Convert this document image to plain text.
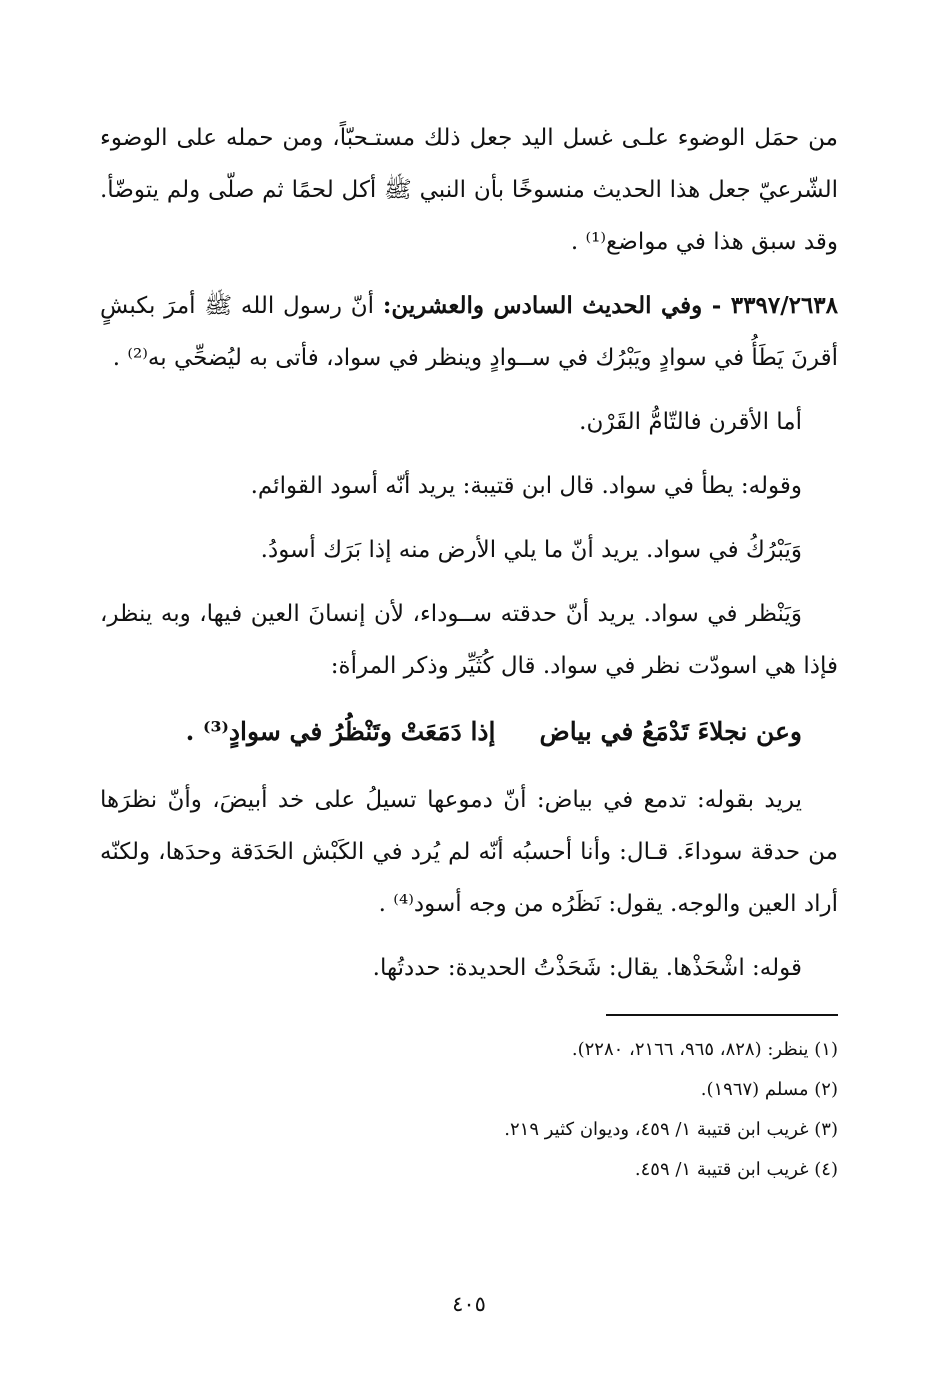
من حمَل الوضوء علـى غسل اليد جعل ذلك مستـحبّاً، ومن حمله على الوضوء الشّرعيّ جعل هذا الحديث منسوخًا بأن النبي ﷺ أكل لحمًا ثم صلّى ولم يتوضّأ. وقد سبق هذا في مواضع⁽¹⁾ .

٣٣٩٧/٢٦٣٨ - وفي الحديث السادس والعشرين: أنّ رسول الله ﷺ أمرَ بكبشٍ أقرنَ يَطَأُ في سوادٍ ويَبْرُك في ســوادٍ وينظر في سواد، فأتى به ليُضحِّي به⁽²⁾ .

أما الأقرن فالتّامُّ القَرْن.

وقوله: يطأ في سواد. قال ابن قتيبة: يريد أنّه أسود القوائم.

وَيَبْرُكُ في سواد. يريد أنّ ما يلي الأرض منه إذا بَرَك أسودُ.

وَيَنْظر في سواد. يريد أنّ حدقته ســوداء، لأن إنسانَ العين فيها، وبه ينظر، فإذا هي اسودّت نظر في سواد. قال كُثَيِّر وذكر المرأة:

وعن نجلاءَ تَدْمَعُ في بياض
إذا دَمَعَتْ وتَنْظُرُ في سوادٍ⁽³⁾ .

يريد بقوله: تدمع في بياض: أنّ دموعها تسيلُ على خد أبيضَ، وأنّ نظرَها من حدقة سوداءَ. قـال: وأنا أحسبُه أنّه لم يُرد في الكَبْش الحَدَقة وحدَها، ولكنّه أراد العين والوجه. يقول: نَظَرُه من وجه أسود⁽⁴⁾ .

قوله: اشْحَذْها. يقال: شَحَذْتُ الحديدة: حددتُها.

(١) ينظر: (٨٢٨، ٩٦٥، ٢١٦٦، ٢٢٨٠).

(٢) مسلم (١٩٦٧).

(٣) غريب ابن قتيبة ١/ ٤٥٩، وديوان كثير ٢١٩.

(٤) غريب ابن قتيبة ١/ ٤٥٩.

٤٠٥
